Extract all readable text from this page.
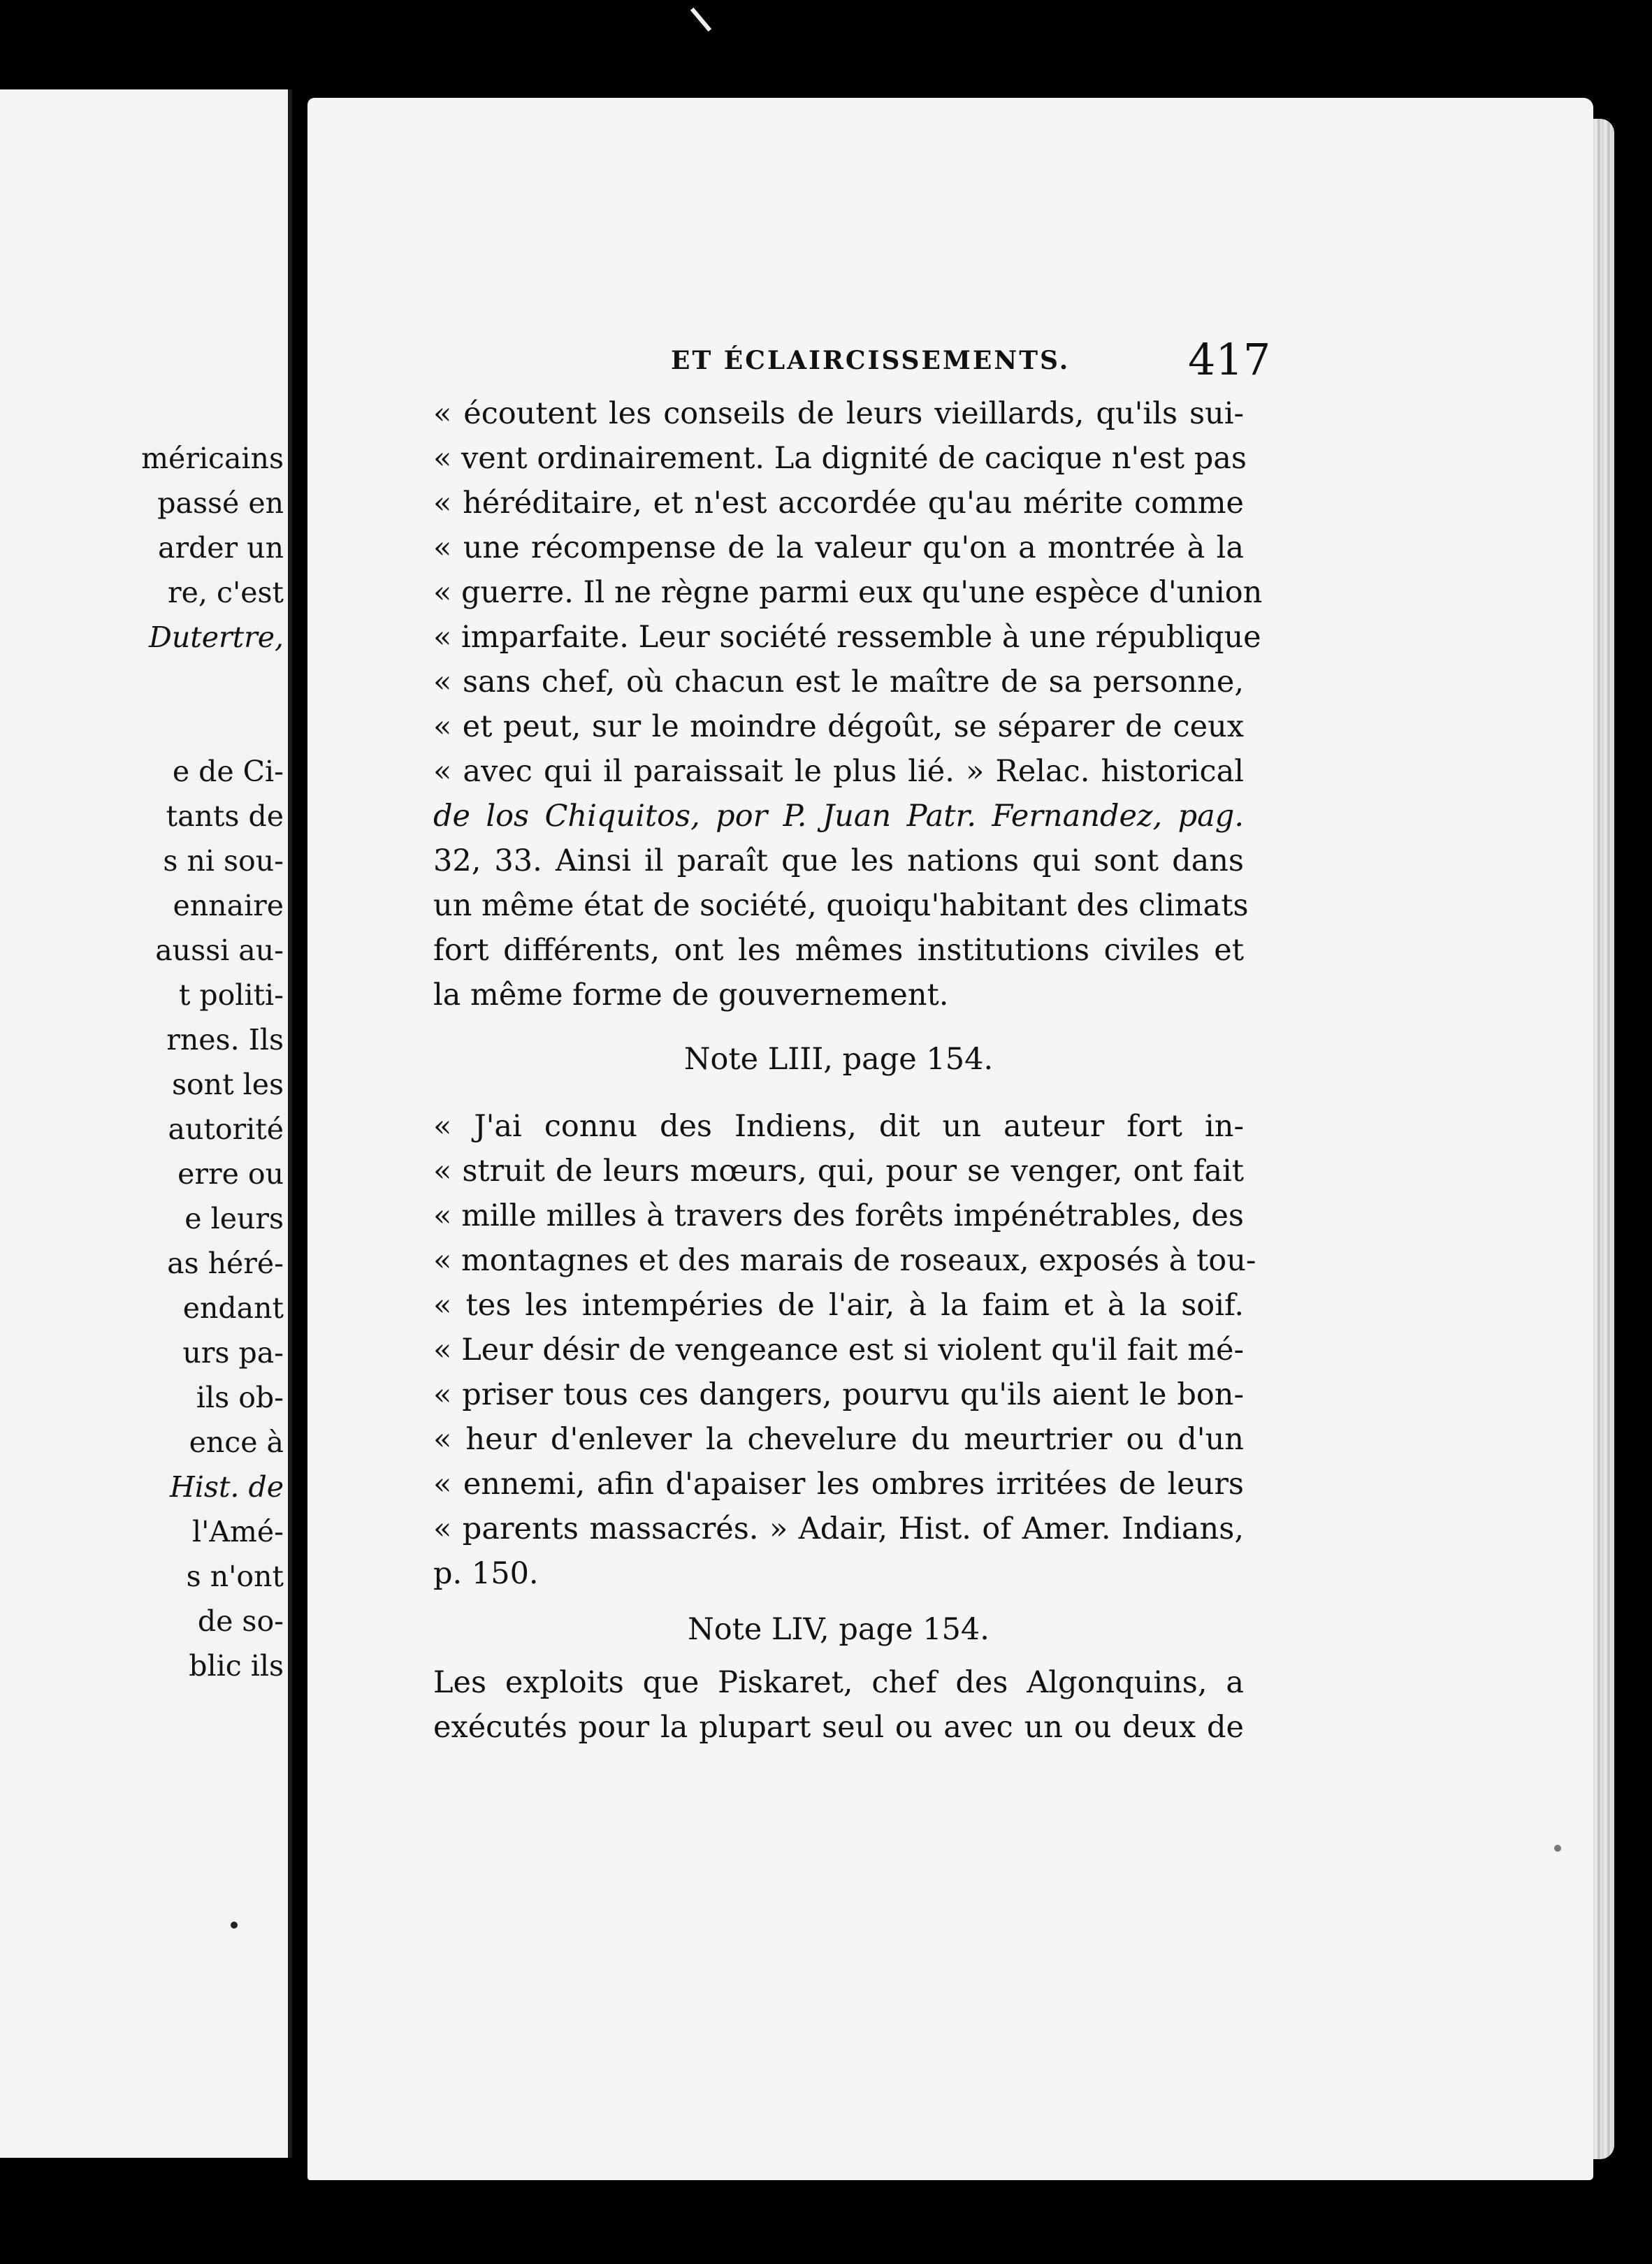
méricains
passé en
arder un
re, c'est
Dutertre,
e de Ci-
tants de
s ni sou-
ennaire
aussi au-
t politi-
rnes. Ils
sont les
autorité
erre ou
e leurs
as héré-
endant
urs pa-
ils ob-
ence à
Hist. de
l'Amé-
s n'ont
de so-
blic ils
ET ÉCLAIRCISSEMENTS.	417
« écoutent les conseils de leurs vieillards, qu'ils sui-
« vent ordinairement. La dignité de cacique n'est pas
« héréditaire, et n'est accordée qu'au mérite comme
« une récompense de la valeur qu'on a montrée à la
« guerre. Il ne règne parmi eux qu'une espèce d'union
« imparfaite. Leur société ressemble à une république
« sans chef, où chacun est le maître de sa personne,
« et peut, sur le moindre dégoût, se séparer de ceux
« avec qui il paraissait le plus lié. » Relac. historical
de los Chiquitos, por P. Juan Patr. Fernandez, pag.
32, 33. Ainsi il paraît que les nations qui sont dans
un même état de société, quoiqu'habitant des climats
fort différents, ont les mêmes institutions civiles et
la même forme de gouvernement.
Note LIII, page 154.
« J'ai connu des Indiens, dit un auteur fort in-
« struit de leurs mœurs, qui, pour se venger, ont fait
« mille milles à travers des forêts impénétrables, des
« montagnes et des marais de roseaux, exposés à tou-
« tes les intempéries de l'air, à la faim et à la soif.
« Leur désir de vengeance est si violent qu'il fait mé-
« priser tous ces dangers, pourvu qu'ils aient le bon-
« heur d'enlever la chevelure du meurtrier ou d'un
« ennemi, afin d'apaiser les ombres irritées de leurs
« parents massacrés. » Adair, Hist. of Amer. Indians,
p. 150.
Note LIV, page 154.
Les exploits que Piskaret, chef des Algonquins, a
exécutés pour la plupart seul ou avec un ou deux de
